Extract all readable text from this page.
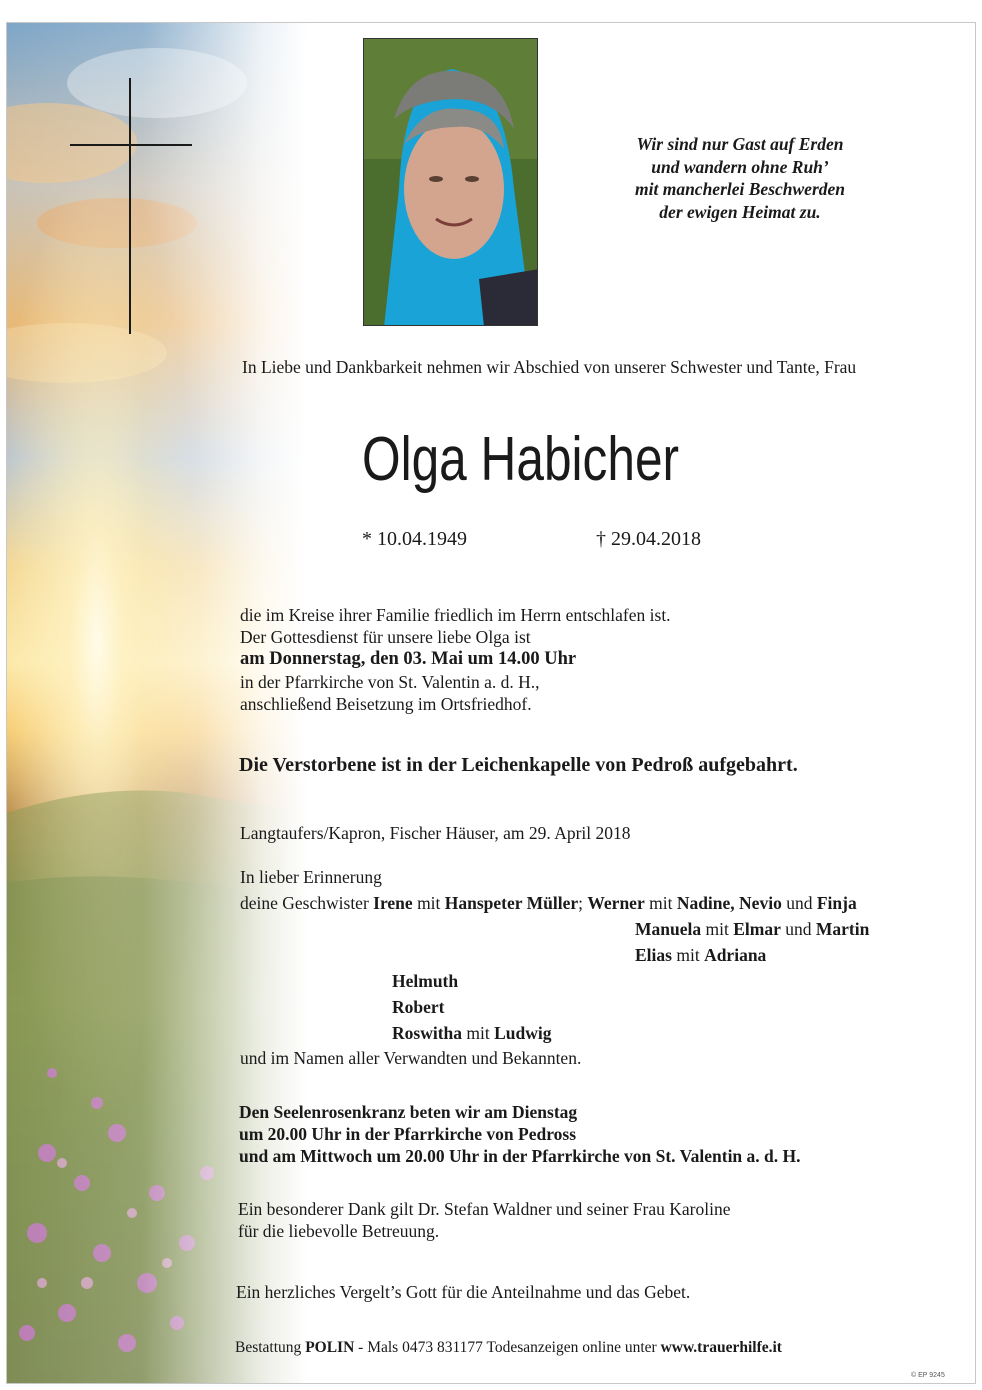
Wir sind nur Gast auf Erden
und wandern ohne Ruh’
mit mancherlei Beschwerden
der ewigen Heimat zu.
In Liebe und Dankbarkeit nehmen wir Abschied von unserer Schwester und Tante, Frau
Olga Habicher
* 10.04.1949	† 29.04.2018
die im Kreise ihrer Familie friedlich im Herrn entschlafen ist.
Der Gottesdienst für unsere liebe Olga ist
am Donnerstag, den 03. Mai um 14.00 Uhr
in der Pfarrkirche von St. Valentin a. d. H.,
anschließend Beisetzung im Ortsfriedhof.
Die Verstorbene ist in der Leichenkapelle von Pedroß aufgebahrt.
Langtaufers/Kapron, Fischer Häuser, am 29. April 2018
In lieber Erinnerung
deine Geschwister Irene mit Hanspeter Müller; Werner mit Nadine, Nevio und Finja
Manuela mit Elmar und Martin
Elias mit Adriana
Helmuth
Robert
Roswitha mit Ludwig
und im Namen aller Verwandten und Bekannten.
Den Seelenrosenkranz beten wir am Dienstag
um 20.00 Uhr in der Pfarrkirche von Pedross
und am Mittwoch um 20.00 Uhr in der Pfarrkirche von St. Valentin a. d. H.
Ein besonderer Dank gilt Dr. Stefan Waldner und seiner Frau Karoline
für die liebevolle Betreuung.
Ein herzliches Vergelt’s Gott für die Anteilnahme und das Gebet.
Bestattung POLIN - Mals 0473 831177 Todesanzeigen online unter www.trauerhilfe.it
© EP 9245
